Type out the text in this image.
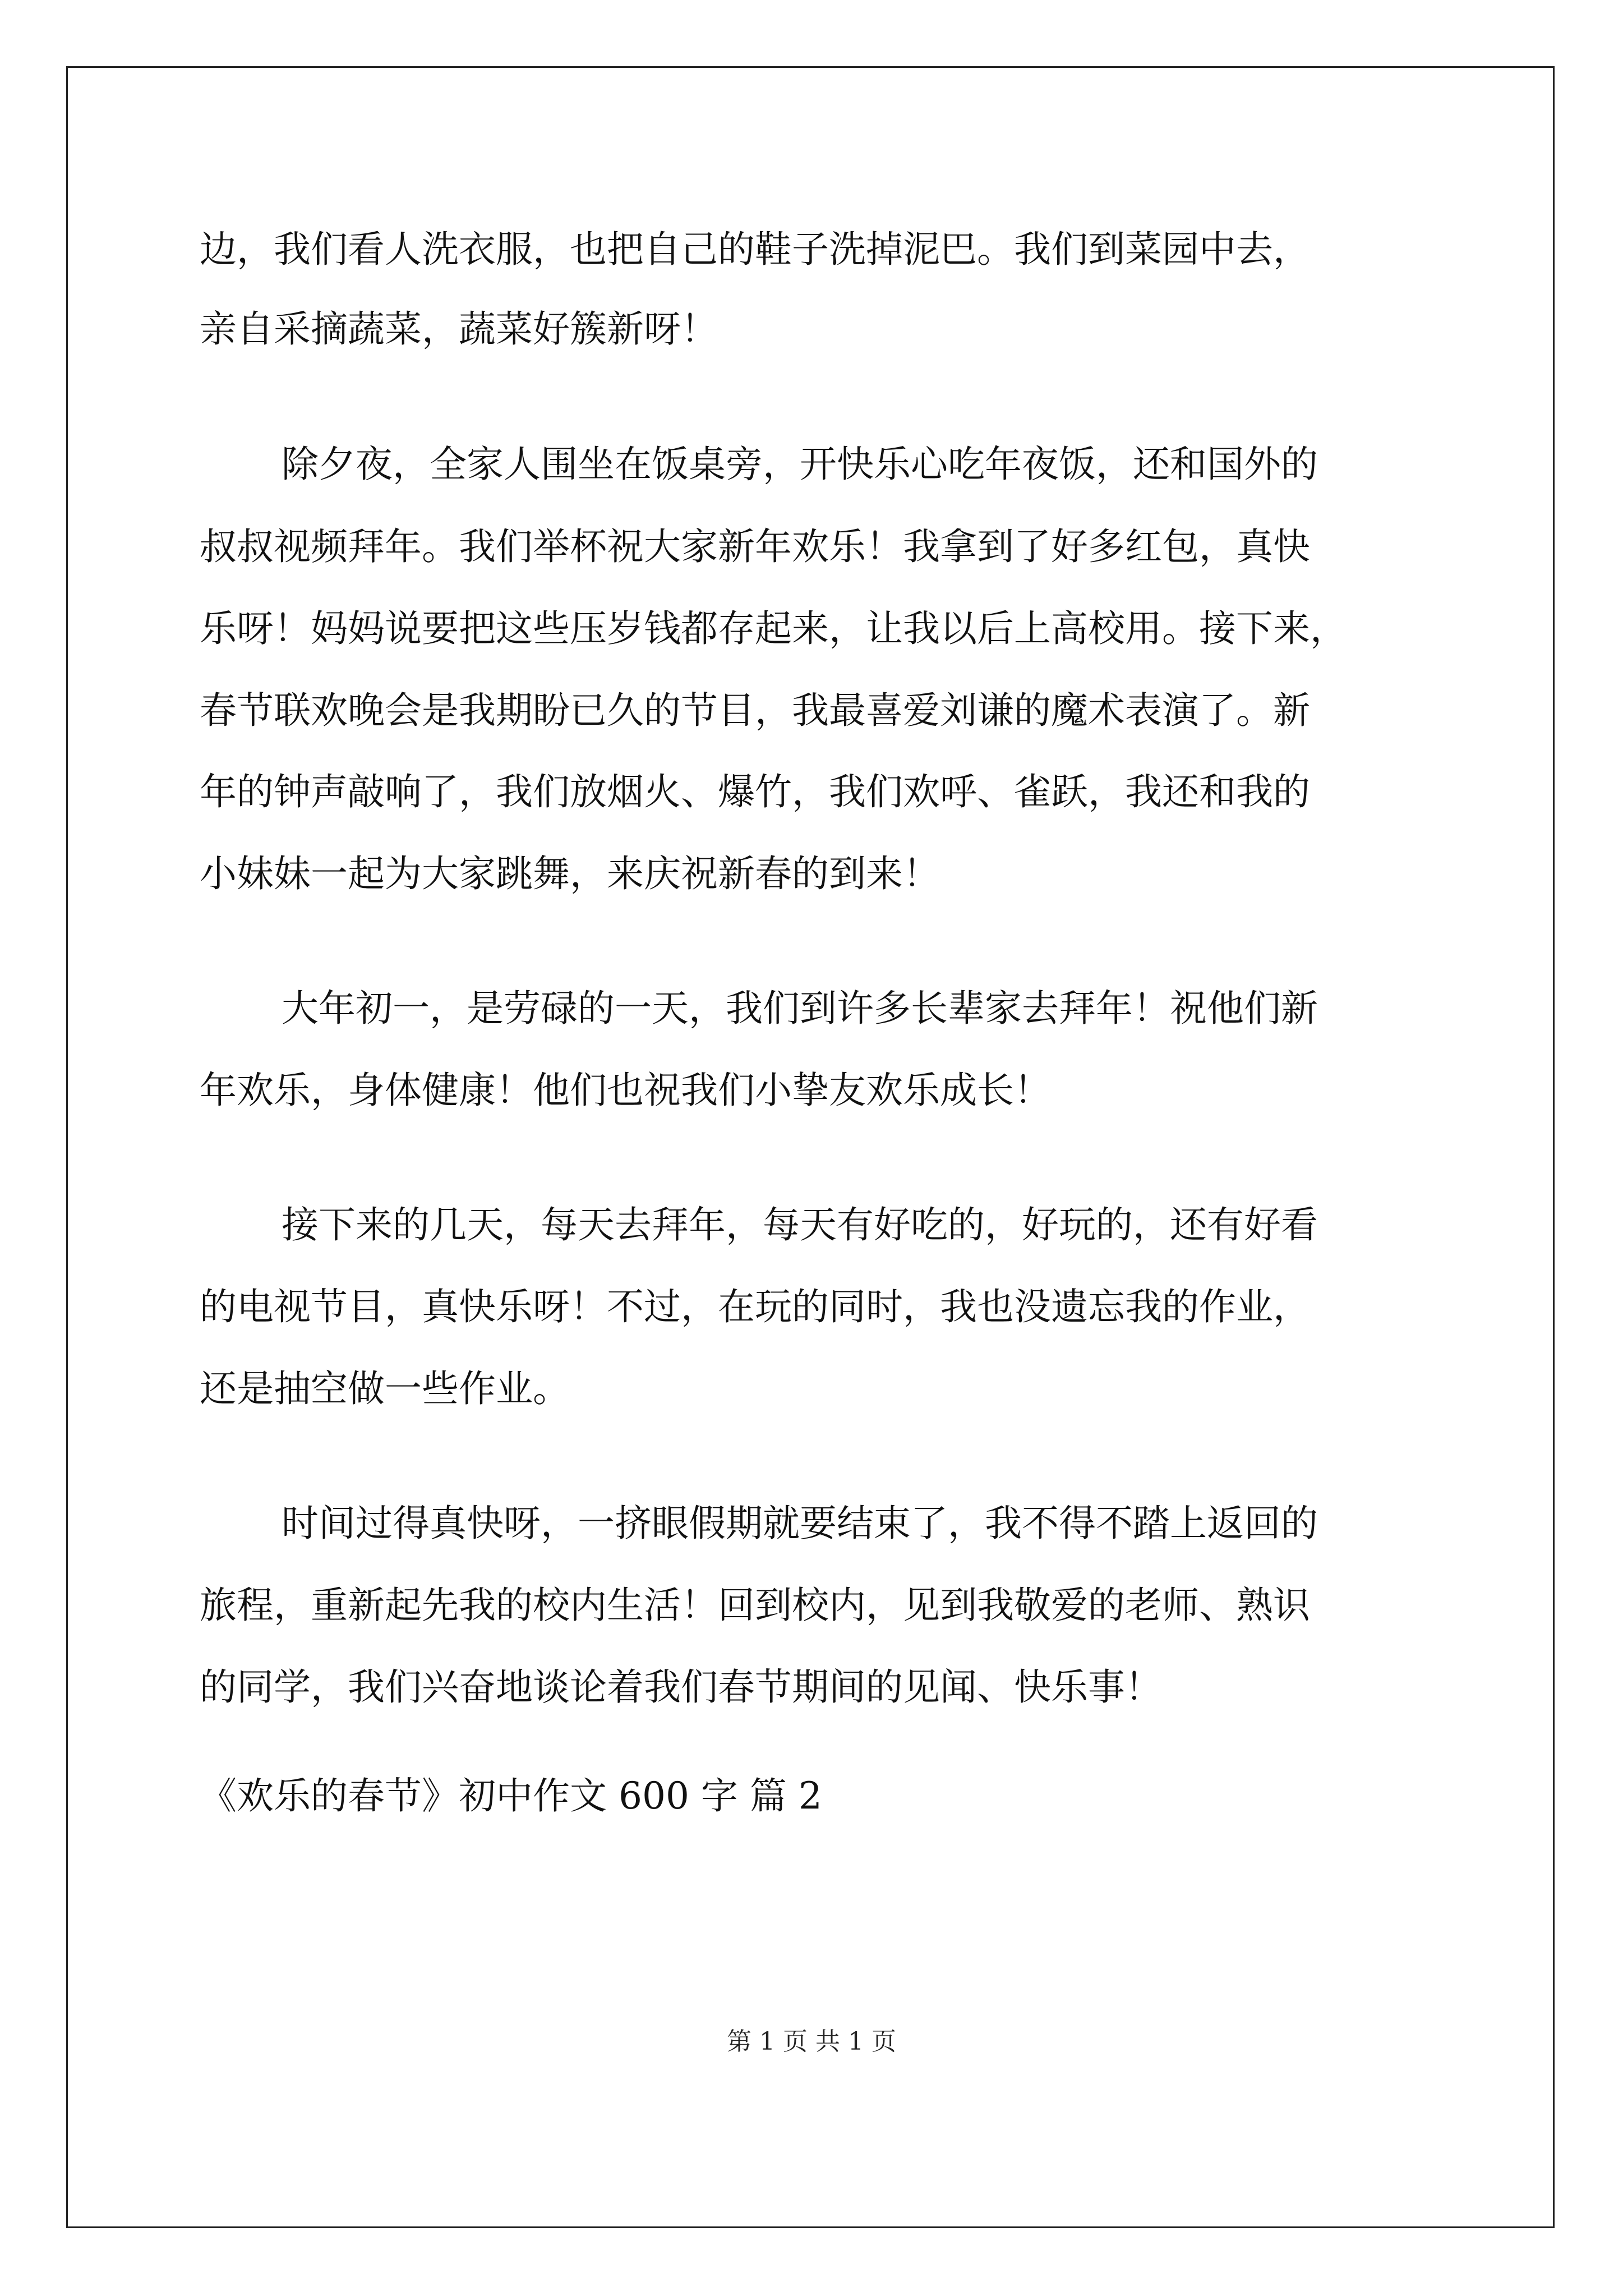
边，我们看人洗衣服，也把自己的鞋子洗掉泥巴。我们到菜园中去，
亲自采摘蔬菜，蔬菜好簇新呀！
除夕夜，全家人围坐在饭桌旁，开快乐心吃年夜饭，还和国外的
叔叔视频拜年。我们举杯祝大家新年欢乐！我拿到了好多红包，真快
乐呀！妈妈说要把这些压岁钱都存起来，让我以后上高校用。接下来，
春节联欢晚会是我期盼已久的节目，我最喜爱刘谦的魔术表演了。新
年的钟声敲响了，我们放烟火、爆竹，我们欢呼、雀跃，我还和我的
小妹妹一起为大家跳舞，来庆祝新春的到来！
大年初一，是劳碌的一天，我们到许多长辈家去拜年！祝他们新
年欢乐，身体健康！他们也祝我们小挚友欢乐成长！
接下来的几天，每天去拜年，每天有好吃的，好玩的，还有好看
的电视节目，真快乐呀！不过，在玩的同时，我也没遗忘我的作业，
还是抽空做一些作业。
时间过得真快呀，一挤眼假期就要结束了，我不得不踏上返回的
旅程，重新起先我的校内生活！回到校内，见到我敬爱的老师、熟识
的同学，我们兴奋地谈论着我们春节期间的见闻、快乐事！
《欢乐的春节》初中作文 600 字 篇 2
第 1 页 共 1 页
